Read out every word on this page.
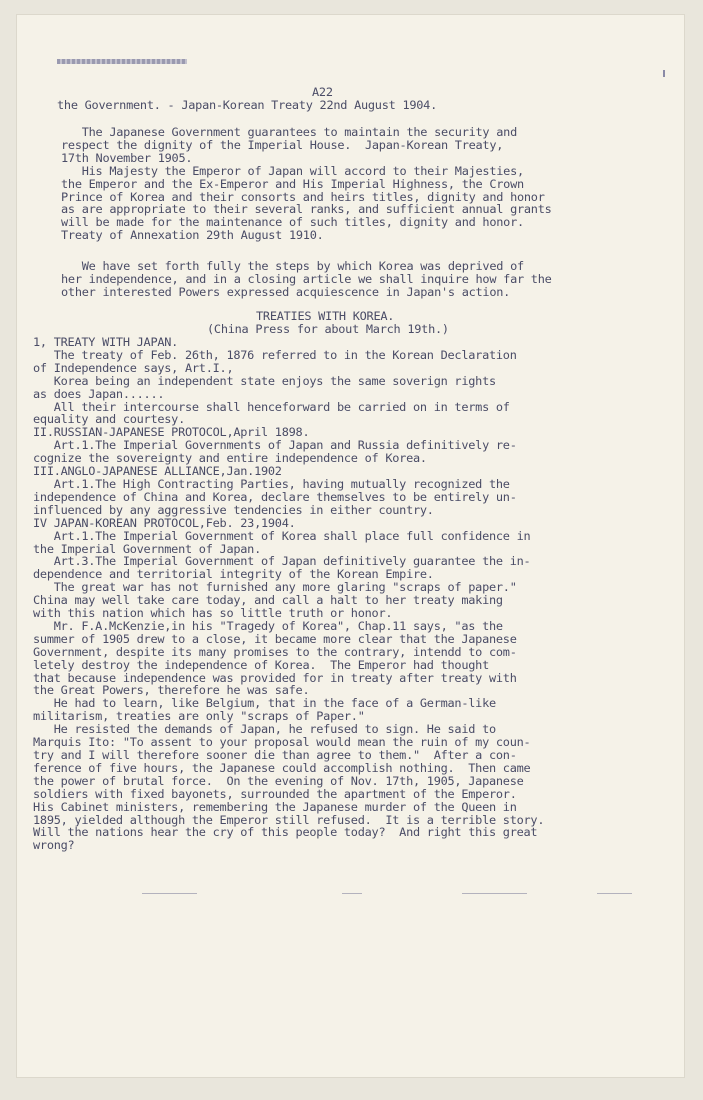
A22
the Government. - Japan-Korean Treaty 22nd August 1904.
The Japanese Government guarantees to maintain the security and
respect the dignity of the Imperial House.  Japan-Korean Treaty,
17th November 1905.
His Majesty the Emperor of Japan will accord to their Majesties,
the Emperor and the Ex-Emperor and His Imperial Highness, the Crown
Prince of Korea and their consorts and heirs titles, dignity and honor
as are appropriate to their several ranks, and sufficient annual grants
will be made for the maintenance of such titles, dignity and honor.
Treaty of Annexation 29th August 1910.
We have set forth fully the steps by which Korea was deprived of
her independence, and in a closing article we shall inquire how far the
other interested Powers expressed acquiescence in Japan's action.
TREATIES WITH KOREA.
(China Press for about March 19th.)
1, TREATY WITH JAPAN.
The treaty of Feb. 26th, 1876 referred to in the Korean Declaration
of Independence says, Art.I.,
Korea being an independent state enjoys the same soverign rights
as does Japan......
All their intercourse shall henceforward be carried on in terms of
equality and courtesy.
II.RUSSIAN-JAPANESE PROTOCOL,April 1898.
Art.1.The Imperial Governments of Japan and Russia definitively re-
cognize the sovereignty and entire independence of Korea.
III.ANGLO-JAPANESE ALLIANCE,Jan.1902
Art.1.The High Contracting Parties, having mutually recognized the
independence of China and Korea, declare themselves to be entirely un-
influenced by any aggressive tendencies in either country.
IV JAPAN-KOREAN PROTOCOL,Feb. 23,1904.
Art.1.The Imperial Government of Korea shall place full confidence in
the Imperial Government of Japan.
Art.3.The Imperial Government of Japan definitively guarantee the in-
dependence and territorial integrity of the Korean Empire.
The great war has not furnished any more glaring "scraps of paper."
China may well take care today, and call a halt to her treaty making
with this nation which has so little truth or honor.
Mr. F.A.McKenzie,in his "Tragedy of Korea", Chap.11 says, "as the
summer of 1905 drew to a close, it became more clear that the Japanese
Government, despite its many promises to the contrary, intendd to com-
letely destroy the independence of Korea.  The Emperor had thought
that because independence was provided for in treaty after treaty with
the Great Powers, therefore he was safe.
He had to learn, like Belgium, that in the face of a German-like
militarism, treaties are only "scraps of Paper."
He resisted the demands of Japan, he refused to sign. He said to
Marquis Ito: "To assent to your proposal would mean the ruin of my coun-
try and I will therefore sooner die than agree to them."  After a con-
ference of five hours, the Japanese could accomplish nothing.  Then came
the power of brutal force.  On the evening of Nov. 17th, 1905, Japanese
soldiers with fixed bayonets, surrounded the apartment of the Emperor.
His Cabinet ministers, remembering the Japanese murder of the Queen in
1895, yielded although the Emperor still refused.  It is a terrible story.
Will the nations hear the cry of this people today?  And right this great
wrong?
